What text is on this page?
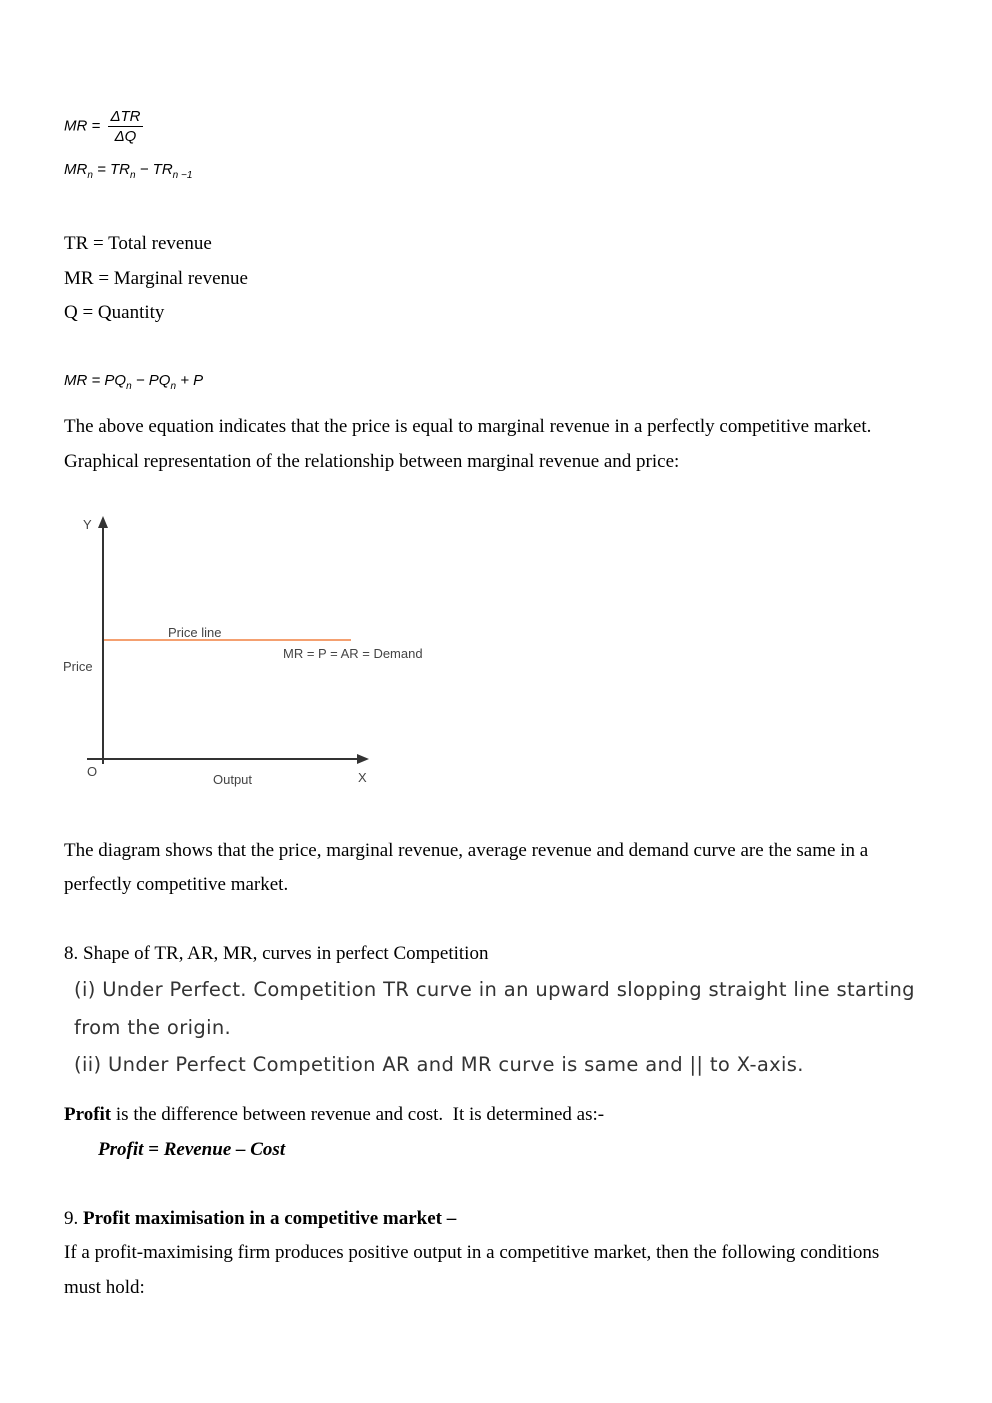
MR = $\frac{\text{ΔTR}}{\Delta Q}$
$MR_n = TR_n - TR_{n -1}$
TR = Total revenue
MR = Marginal revenue
Q = Quantity
MR = $PQ_n - PQ_n + P$
The above equation indicates that the price is equal to marginal revenue in a perfectly competitive market.
Graphical representation of the relationship between marginal revenue and price:
Y
X
O
Price
Output
Price line
MR = P = AR = Demand
The diagram shows that the price, marginal revenue, average revenue and demand curve are the same in a
perfectly competitive market.
8. Shape of TR, AR, MR, curves in perfect Competition
(i) Under Perfect. Competition TR curve in an upward slopping straight line starting
from the origin.
(ii) Under Perfect Competition AR and MR curve is same and || to X-axis.
Profit is the difference between revenue and cost.  It is determined as:-
Profit = Revenue – Cost
9. Profit maximisation in a competitive market –
If a profit-maximising firm produces positive output in a competitive market, then the following conditions
must hold:
